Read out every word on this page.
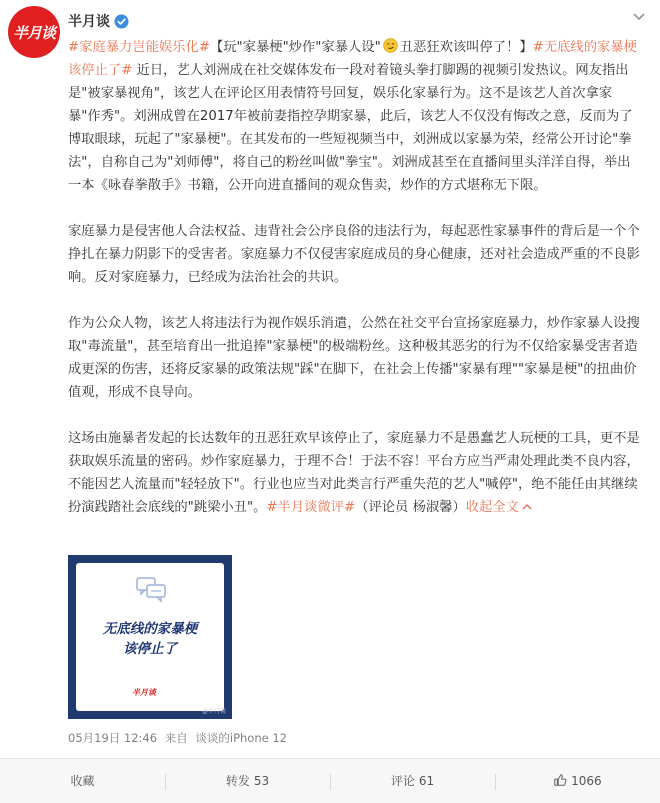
半月谈
半月谈

#家庭暴力岂能娱乐化#【玩"家暴梗"炒作"家暴人设" 丑恶狂欢该叫停了！】#无底线的家暴梗该停止了# 近日，艺人刘洲成在社交媒体发布一段对着镜头拳打脚踢的视频引发热议。网友指出是"被家暴视角"，该艺人在评论区用表情符号回复，娱乐化家暴行为。这不是该艺人首次拿家暴"作秀"。刘洲成曾在2017年被前妻指控孕期家暴，此后，该艺人不仅没有悔改之意，反而为了博取眼球，玩起了"家暴梗"。在其发布的一些短视频当中，刘洲成以家暴为荣，经常公开讨论"拳法"，自称自己为"刘师傅"，将自己的粉丝叫做"拳宝"。刘洲成甚至在直播间里头洋洋自得，举出一本《咏春拳散手》书籍，公开向进直播间的观众售卖，炒作的方式堪称无下限。

家庭暴力是侵害他人合法权益、违背社会公序良俗的违法行为，每起恶性家暴事件的背后是一个个挣扎在暴力阴影下的受害者。家庭暴力不仅侵害家庭成员的身心健康，还对社会造成严重的不良影响。反对家庭暴力，已经成为法治社会的共识。

作为公众人物，该艺人将违法行为视作娱乐消遣，公然在社交平台宣扬家庭暴力，炒作家暴人设搜取"毒流量"，甚至培育出一批追捧"家暴梗"的极端粉丝。这种极其恶劣的行为不仅给家暴受害者造成更深的伤害，还将反家暴的政策法规"踩"在脚下，在社会上传播"家暴有理""家暴是梗"的扭曲价值观，形成不良导向。

这场由施暴者发起的长达数年的丑恶狂欢早该停止了，家庭暴力不是愚蠢艺人玩梗的工具，更不是获取娱乐流量的密码。炒作家庭暴力，于理不合！于法不容！平台方应当严肃处理此类不良内容，不能因艺人流量而"轻轻放下"。行业也应当对此类言行严重失范的艺人"喊停"，绝不能任由其继续扮演践踏社会底线的"跳梁小丑"。#半月谈微评#（评论员 杨淑馨）收起全文

无底线的家暴梗
该停止了
半月谈
@半月谈
05月19日 12:46 来自 谈谈的iPhone 12
收藏	转发 53	评论 61	1066
